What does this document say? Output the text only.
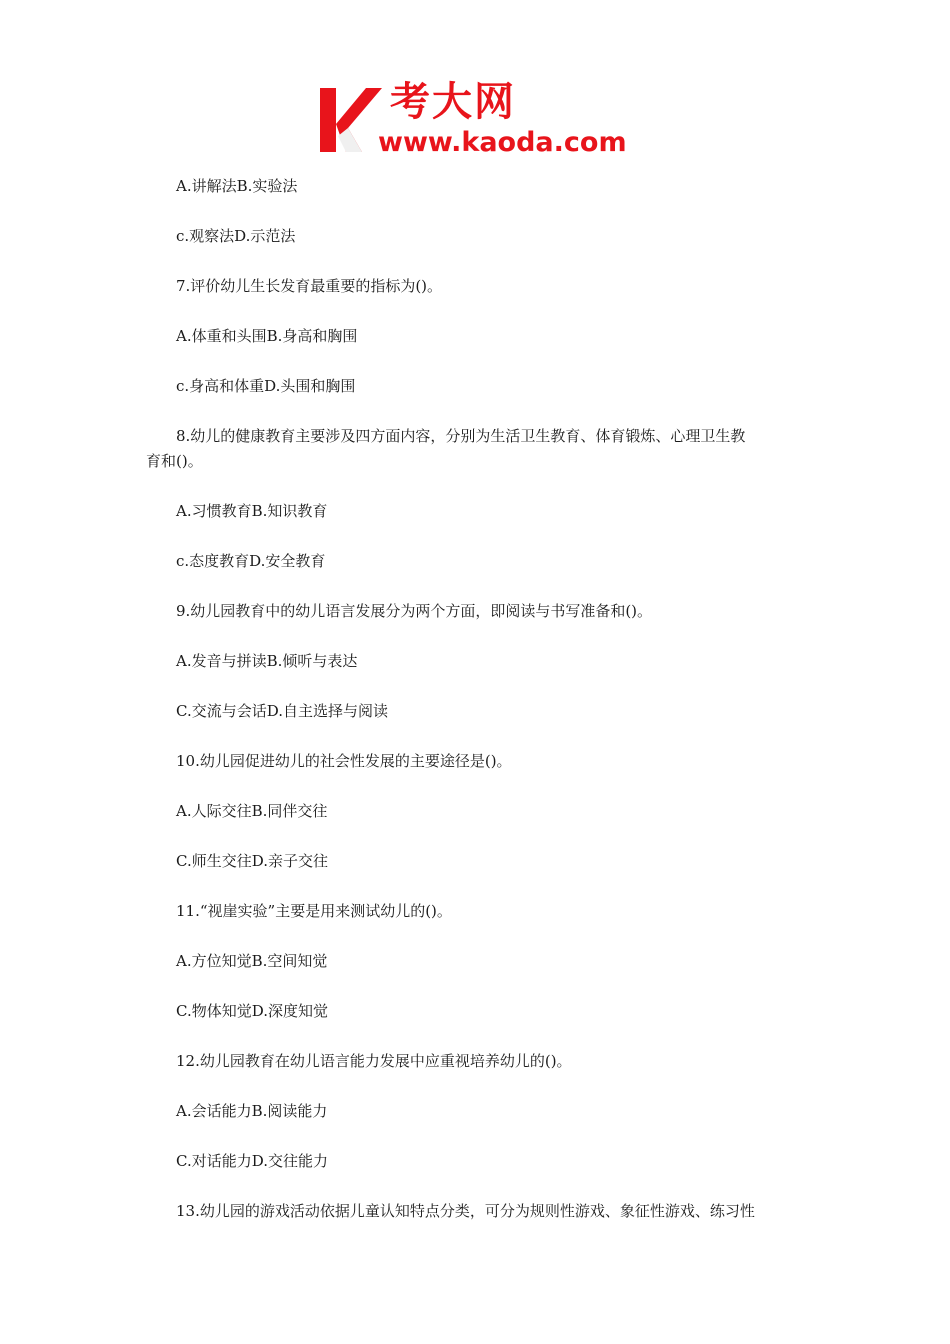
考大网
www.kaoda.com
A.讲解法B.实验法
c.观察法D.示范法
7.评价幼儿生长发育最重要的指标为()。
A.体重和头围B.身高和胸围
c.身高和体重D.头围和胸围
8.幼儿的健康教育主要涉及四方面内容，分别为生活卫生教育、体育锻炼、心理卫生教
育和()。
A.习惯教育B.知识教育
c.态度教育D.安全教育
9.幼儿园教育中的幼儿语言发展分为两个方面，即阅读与书写准备和()。
A.发音与拼读B.倾听与表达
C.交流与会话D.自主选择与阅读
10.幼儿园促进幼儿的社会性发展的主要途径是()。
A.人际交往B.同伴交往
C.师生交往D.亲子交往
11.“视崖实验”主要是用来测试幼儿的()。
A.方位知觉B.空间知觉
C.物体知觉D.深度知觉
12.幼儿园教育在幼儿语言能力发展中应重视培养幼儿的()。
A.会话能力B.阅读能力
C.对话能力D.交往能力
13.幼儿园的游戏活动依据儿童认知特点分类，可分为规则性游戏、象征性游戏、练习性
